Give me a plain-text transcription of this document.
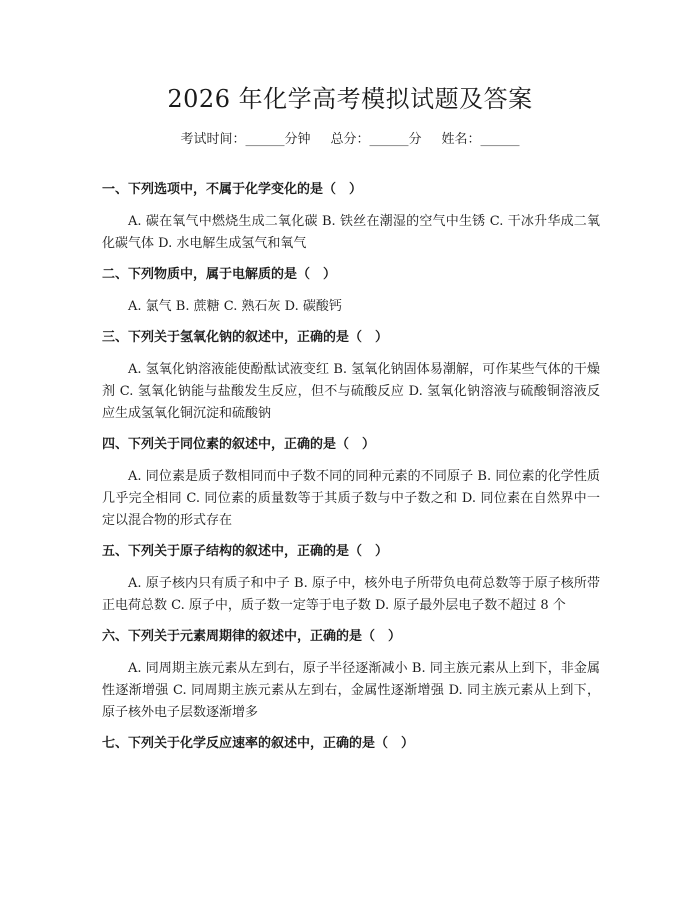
2026 年化学高考模拟试题及答案
考试时间：______分钟 总分：______分 姓名：______
一、下列选项中，不属于化学变化的是（　）
A. 碳在氧气中燃烧生成二氧化碳 B. 铁丝在潮湿的空气中生锈 C. 干冰升华成二氧化碳气体 D. 水电解生成氢气和氧气
二、下列物质中，属于电解质的是（　）
A. 氯气 B. 蔗糖 C. 熟石灰 D. 碳酸钙
三、下列关于氢氧化钠的叙述中，正确的是（　）
A. 氢氧化钠溶液能使酚酞试液变红 B. 氢氧化钠固体易潮解，可作某些气体的干燥剂 C. 氢氧化钠能与盐酸发生反应，但不与硫酸反应 D. 氢氧化钠溶液与硫酸铜溶液反应生成氢氧化铜沉淀和硫酸钠
四、下列关于同位素的叙述中，正确的是（　）
A. 同位素是质子数相同而中子数不同的同种元素的不同原子 B. 同位素的化学性质几乎完全相同 C. 同位素的质量数等于其质子数与中子数之和 D. 同位素在自然界中一定以混合物的形式存在
五、下列关于原子结构的叙述中，正确的是（　）
A. 原子核内只有质子和中子 B. 原子中，核外电子所带负电荷总数等于原子核所带正电荷总数 C. 原子中，质子数一定等于电子数 D. 原子最外层电子数不超过 8 个
六、下列关于元素周期律的叙述中，正确的是（　）
A. 同周期主族元素从左到右，原子半径逐渐减小 B. 同主族元素从上到下，非金属性逐渐增强 C. 同周期主族元素从左到右，金属性逐渐增强 D. 同主族元素从上到下，原子核外电子层数逐渐增多
七、下列关于化学反应速率的叙述中，正确的是（　）
